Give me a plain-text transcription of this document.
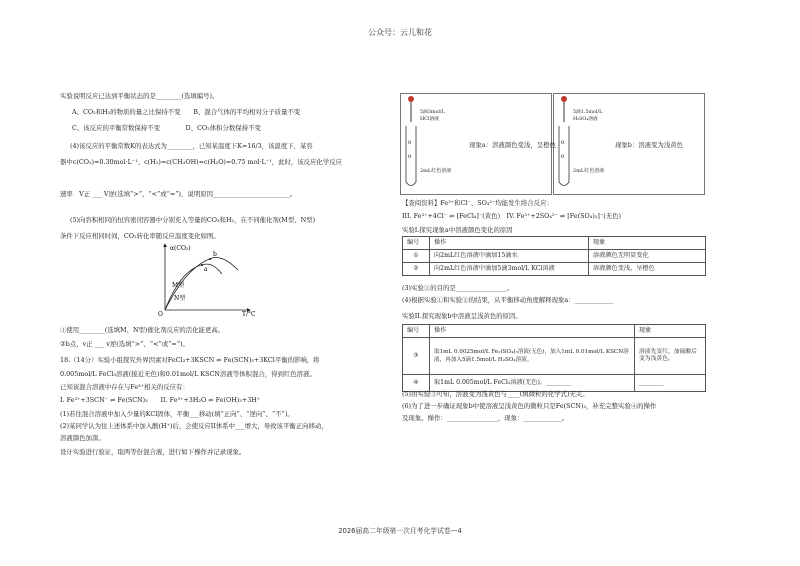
公众号：云儿和花
2026届高二年级第一次月考化学试卷—4
实验说明反应已达到平衡状态的是________(选填编号)。
A、CO₂和H₂的物质的量之比保持不变　　B、混合气体的平均相对分子质量不变
C、该反应的平衡常数保持不变　　　　D、CO₂体积分数保持不变
(4)该反应的平衡常数K的表达式为________，已知某温度下K=16/3，该温度下，某容
器中c(CO₂)=0.30mol·L⁻¹、c(H₂)=c(CH₃OH)=c(H₂O)=0.75 mol·L⁻¹，此时，该反应化学反应
速率　V正 ___ V逆(选填“>”、“<”或“=”)，说明原因________________________。
(5)向容积相同的恒容密闭容器中分别充入等量的CO₂和H₂，在不同催化剂(M型、N型)
条件下反应相同时间，CO₂转化率随反应温度变化如图。
α(CO₂)
T/°C
O
b
a
M型
N型
①使用________(选填M、N型)催化剂反应的活化能更高。
②b点，v正 ___ v逆(选填“>”、“<”或“=”)。
18.（14分）实验小组探究外界因素对FeCl₃+3KSCN ⇌ Fe(SCN)₃+3KCl平衡的影响，将
0.005mol/L FeCl₃溶液(接近无色)和0.01mol/L KSCN溶液等体积混合，得到红色溶液。
已知该混合溶液中存在与Fe³⁺相关的反应有：
I. Fe³⁺+3SCN⁻ ⇌ Fe(SCN)₃　　II. Fe³⁺+3H₂O ⇌ Fe(OH)₃+3H⁺
(1)若往混合溶液中加入少量的KCl固体，平衡___移动(填“正向”、“逆向”、“不”)。
(2)某同学认为往上述体系中加入酸(H⁺)后，会使反应II体系中___增大，导致该平衡正向移动，
溶液颜色加深。
设计实验进行验证，取两等份混合液，进行如下操作并记录现象。
0
0
5滴3mol/L
HCl溶液
2mL红色溶液
现象a：溶液颜色变浅，呈橙色 0
0
5滴1.5mol/L
H₂SO₄溶液
2mL红色溶液
现象b：溶液变为浅黄色
【查阅资料】Fe³⁺和Cl⁻、SO₄²⁻均能发生络合反应：
III. Fe³⁺+4Cl⁻ ⇌ [FeCl₄]⁻(黄色)　IV. Fe³⁺+2SO₄²⁻ ⇌ [Fe(SO₄)₂]⁻(无色)
实验I.探究现象a中溶液颜色变化的原因
编号	操作	现象
①	向2mL红色溶液中滴加15滴水	溶液颜色无明显变化
②	向2mL红色溶液中滴加5滴3mol/L KCl溶液	溶液颜色变浅，呈橙色
(3)实验①的目的是________________。
(4)根据实验①和实验②的结果，从平衡移动角度解释现象a：____________
实验II.探究现象b中溶液呈浅黄色的原因。
编号	操作	现象
③	取1mL 0.0025mol/L Fe₂(SO₄)₃溶液(无色)，加入1mL 0.01mol/L KSCN溶液，再加入5滴1.5mol/L H₂SO₄溶液。	溶液先变红，加硫酸后变为浅黄色。
④	取1mL 0.005mol/L FeCl₃溶液(无色)，________	________
(5)由实验③可知，溶液变为浅黄色与____(填微粒的化学式)无关。
(6)为了进一步确证现象b中使溶液呈浅黄色的微粒只是Fe(SCN)₃，补充完整实验④的操作
及现象。操作：________________，现象：____________。
